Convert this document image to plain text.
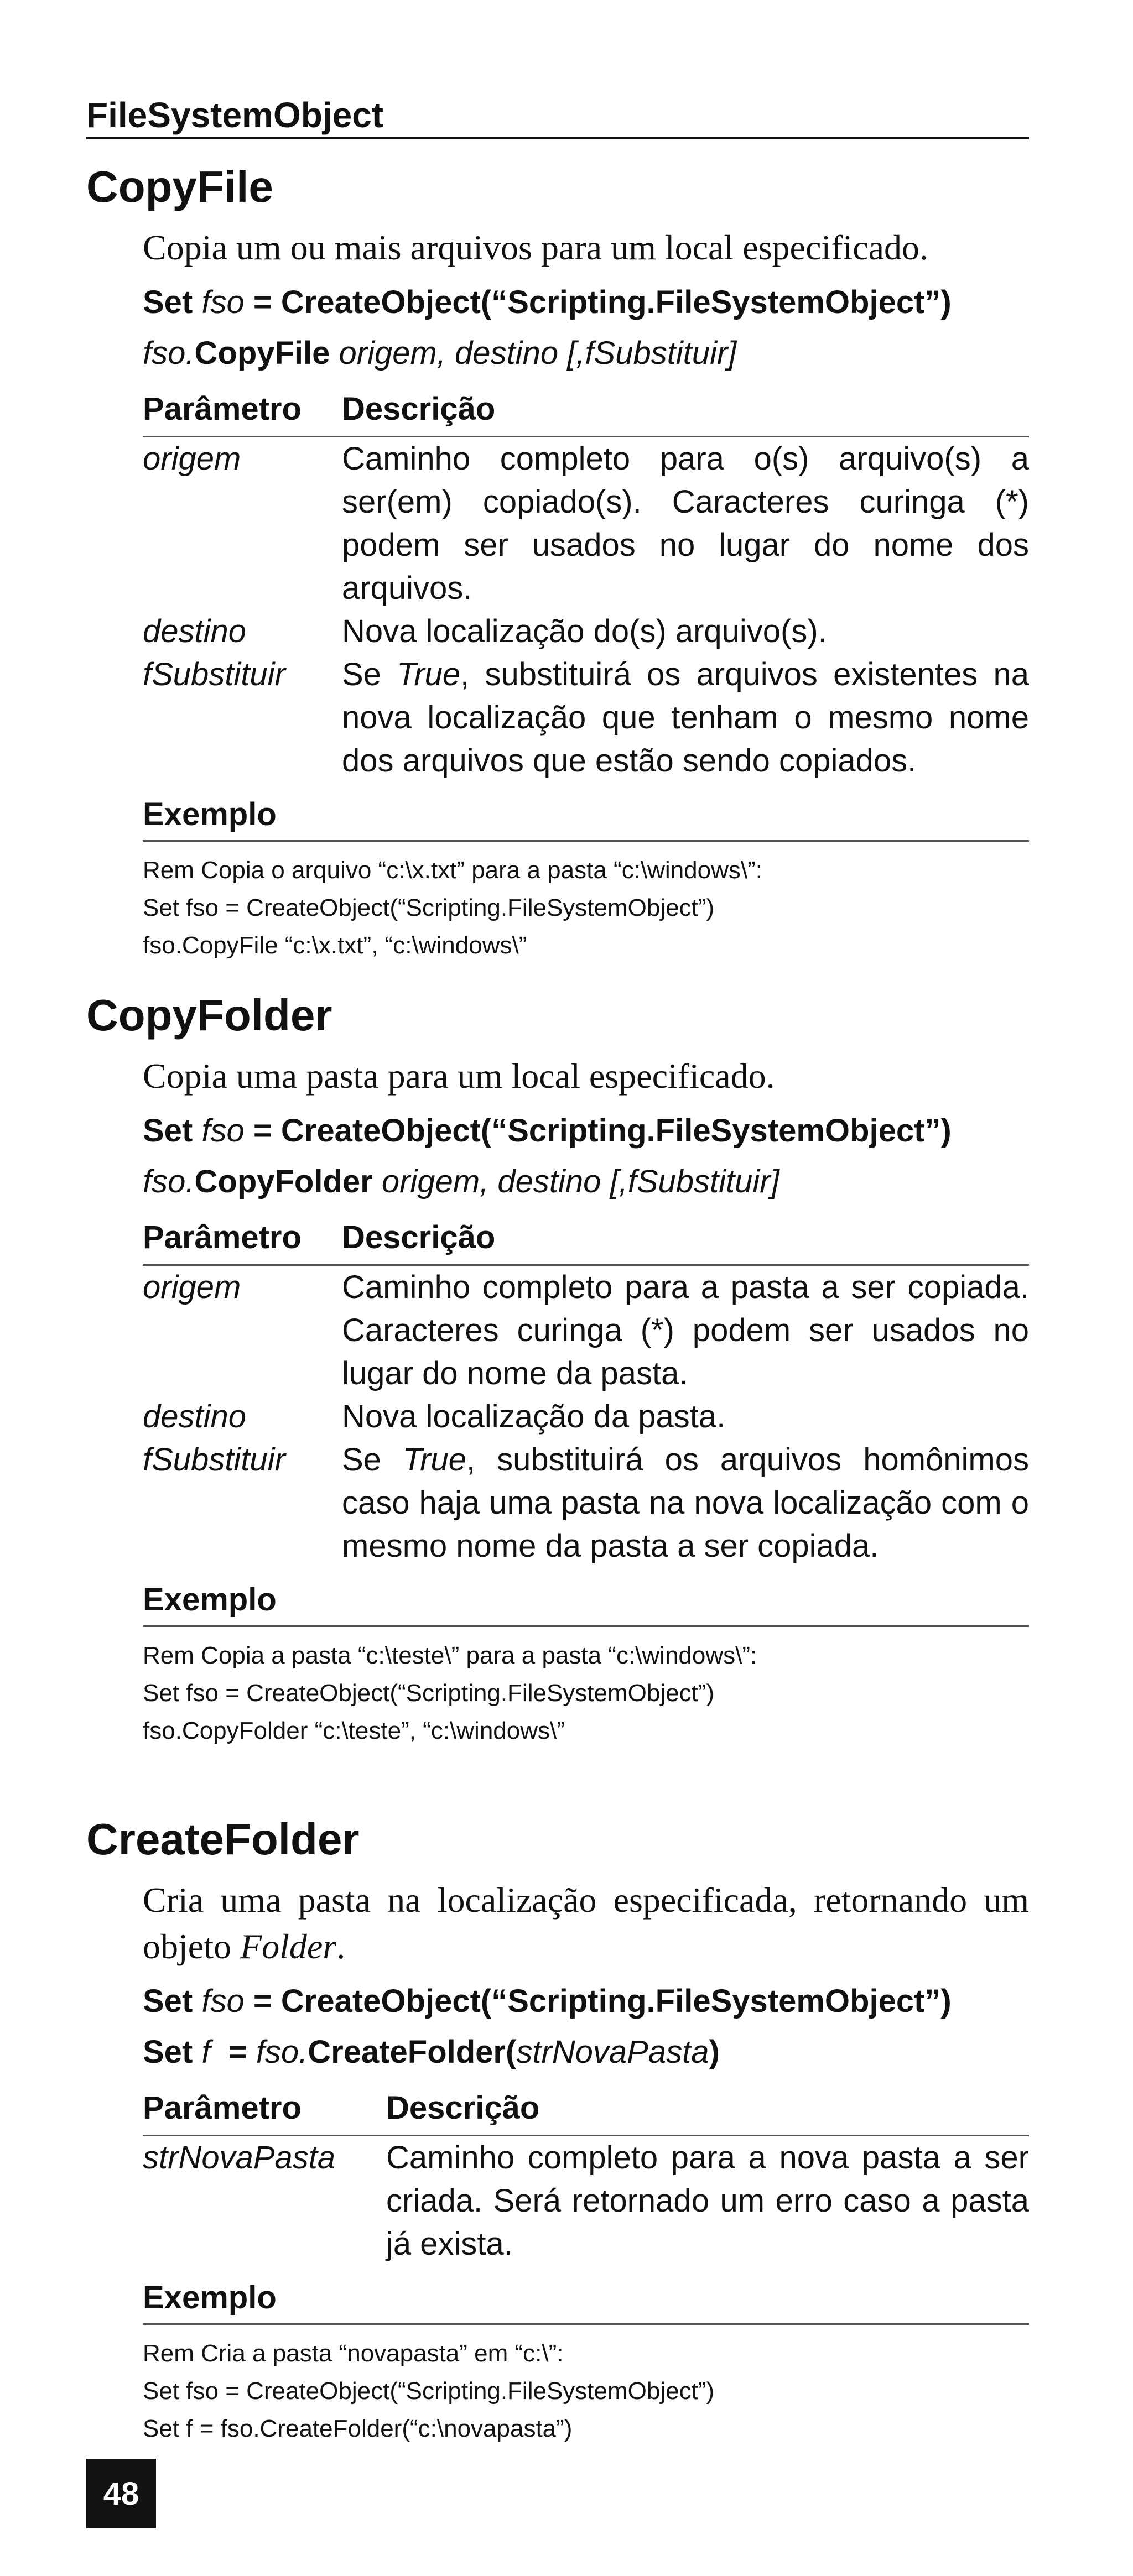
FileSystemObject
CopyFile
Copia um ou mais arquivos para um local especificado.
Set fso = CreateObject(“Scripting.FileSystemObject”)
fso.CopyFile origem, destino [,fSubstituir]
Parâmetro	Descrição
origem	Caminho completo para o(s) arquivo(s) a ser(em) copiado(s). Caracteres curinga (*) podem ser usados no lugar do nome dos arquivos.
destino	Nova localização do(s) arquivo(s).
fSubstituir	Se True, substituirá os arquivos existentes na nova localização que tenham o mesmo nome dos arquivos que estão sendo copiados.
Exemplo
Rem Copia o arquivo “c:\x.txt” para a pasta “c:\windows\”:
Set fso = CreateObject(“Scripting.FileSystemObject”)
fso.CopyFile “c:\x.txt”, “c:\windows\”
CopyFolder
Copia uma pasta para um local especificado.
Set fso = CreateObject(“Scripting.FileSystemObject”)
fso.CopyFolder origem, destino [,fSubstituir]
Parâmetro	Descrição
origem	Caminho completo para a pasta a ser copiada. Caracteres curinga (*) podem ser usados no lugar do nome da pasta.
destino	Nova localização da pasta.
fSubstituir	Se True, substituirá os arquivos homônimos caso haja uma pasta na nova localização com o mesmo nome da pasta a ser copiada.
Exemplo
Rem Copia a pasta “c:\teste\” para a pasta “c:\windows\”:
Set fso = CreateObject(“Scripting.FileSystemObject”)
fso.CopyFolder “c:\teste”, “c:\windows\”
CreateFolder
Cria uma pasta na localização especificada, retornando um objeto Folder.
Set fso = CreateObject(“Scripting.FileSystemObject”)
Set f  = fso.CreateFolder(strNovaPasta)
Parâmetro	Descrição
strNovaPasta	Caminho completo para a nova pasta a ser criada. Será retornado um erro caso a pasta já exista.
Exemplo
Rem Cria a pasta “novapasta” em “c:\”:
Set fso = CreateObject(“Scripting.FileSystemObject”)
Set f = fso.CreateFolder(“c:\novapasta”)
48
